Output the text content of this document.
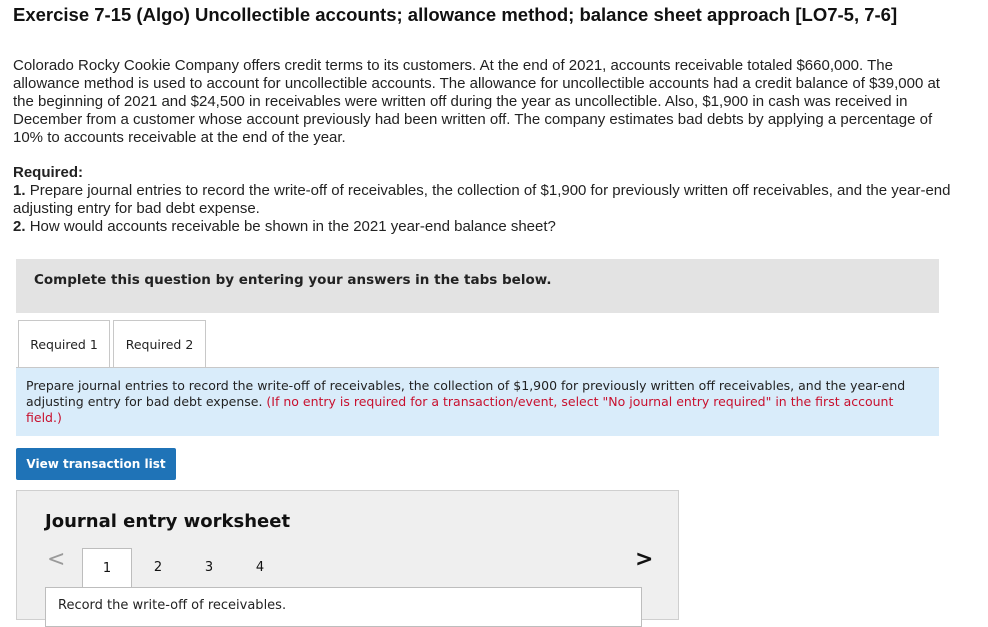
Exercise 7-15 (Algo) Uncollectible accounts; allowance method; balance sheet approach [LO7-5, 7-6]
Colorado Rocky Cookie Company offers credit terms to its customers. At the end of 2021, accounts receivable totaled $660,000. The allowance method is used to account for uncollectible accounts. The allowance for uncollectible accounts had a credit balance of $39,000 at the beginning of 2021 and $24,500 in receivables were written off during the year as uncollectible. Also, $1,900 in cash was received in December from a customer whose account previously had been written off. The company estimates bad debts by applying a percentage of 10% to accounts receivable at the end of the year.
Required:
1. Prepare journal entries to record the write-off of receivables, the collection of $1,900 for previously written off receivables, and the year-end adjusting entry for bad debt expense.
2. How would accounts receivable be shown in the 2021 year-end balance sheet?
Complete this question by entering your answers in the tabs below.
Required 1	Required 2
Prepare journal entries to record the write-off of receivables, the collection of $1,900 for previously written off receivables, and the year-end adjusting entry for bad debt expense. (If no entry is required for a transaction/event, select "No journal entry required" in the first account field.)
View transaction list
Journal entry worksheet
<	1	2	3	4	>
Record the write-off of receivables.
